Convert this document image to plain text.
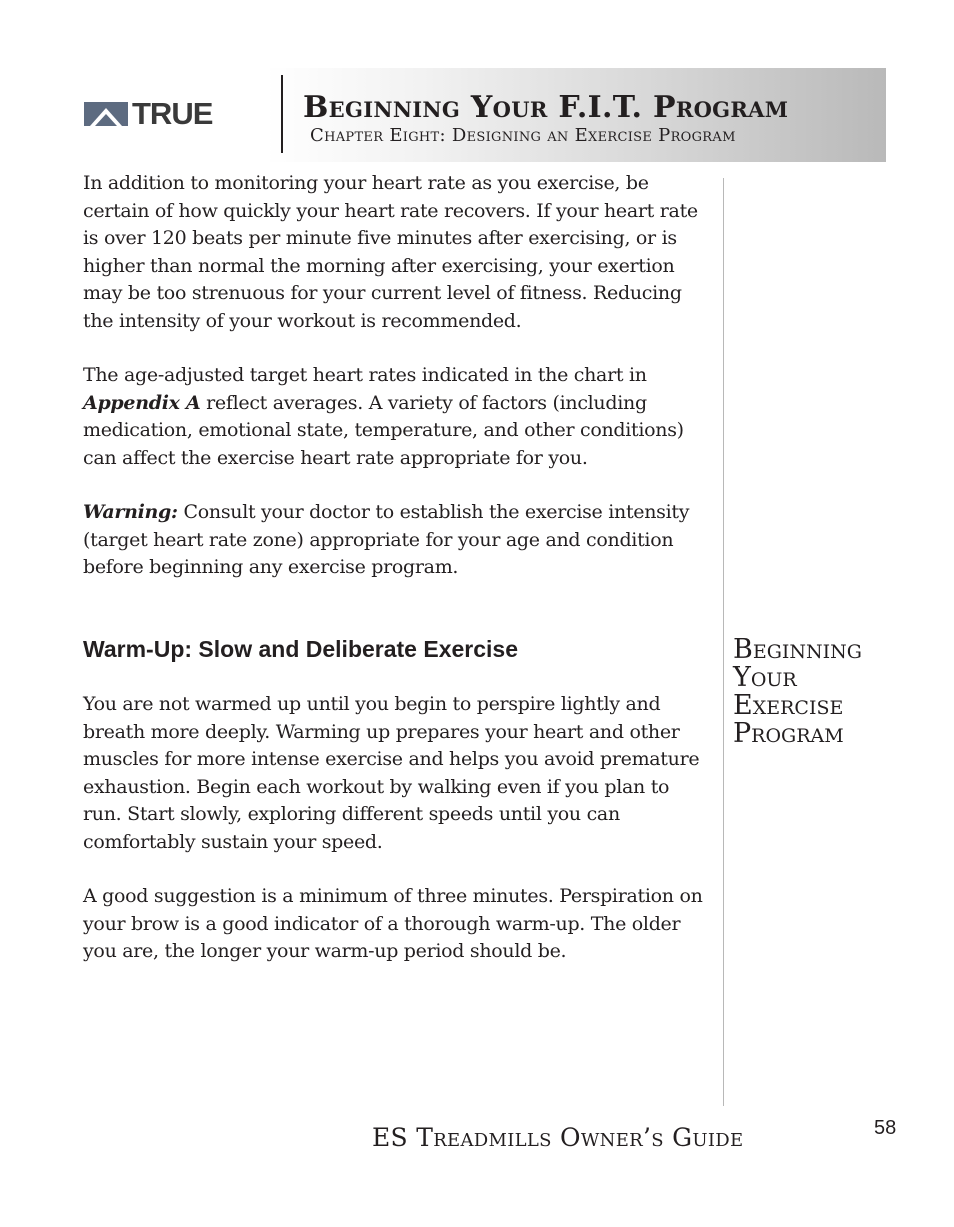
TRUE	Beginning Your F.I.T. Program
Chapter Eight: Designing an Exercise Program

In addition to monitoring your heart rate as you exercise, be certain of how quickly your heart rate recovers. If your heart rate is over 120 beats per minute five minutes after exercising, or is higher than normal the morning after exercising, your exertion may be too strenuous for your current level of fitness. Reducing the intensity of your workout is recommended.

The age-adjusted target heart rates indicated in the chart in
Appendix A reflect averages. A variety of factors (including medication, emotional state, temperature, and other conditions) can affect the exercise heart rate appropriate for you.

Warning: Consult your doctor to establish the exercise intensity (target heart rate zone) appropriate for your age and condition before beginning any exercise program.

Warm-Up: Slow and Deliberate Exercise

You are not warmed up until you begin to perspire lightly and breath more deeply. Warming up prepares your heart and other muscles for more intense exercise and helps you avoid premature exhaustion. Begin each workout by walking even if you plan to run. Start slowly, exploring different speeds until you can comfortably sustain your speed.

A good suggestion is a minimum of three minutes. Perspiration on your brow is a good indicator of a thorough warm-up. The older you are, the longer your warm-up period should be.

Beginning
Your
Exercise
Program
ES Treadmills Owner’s Guide	58
